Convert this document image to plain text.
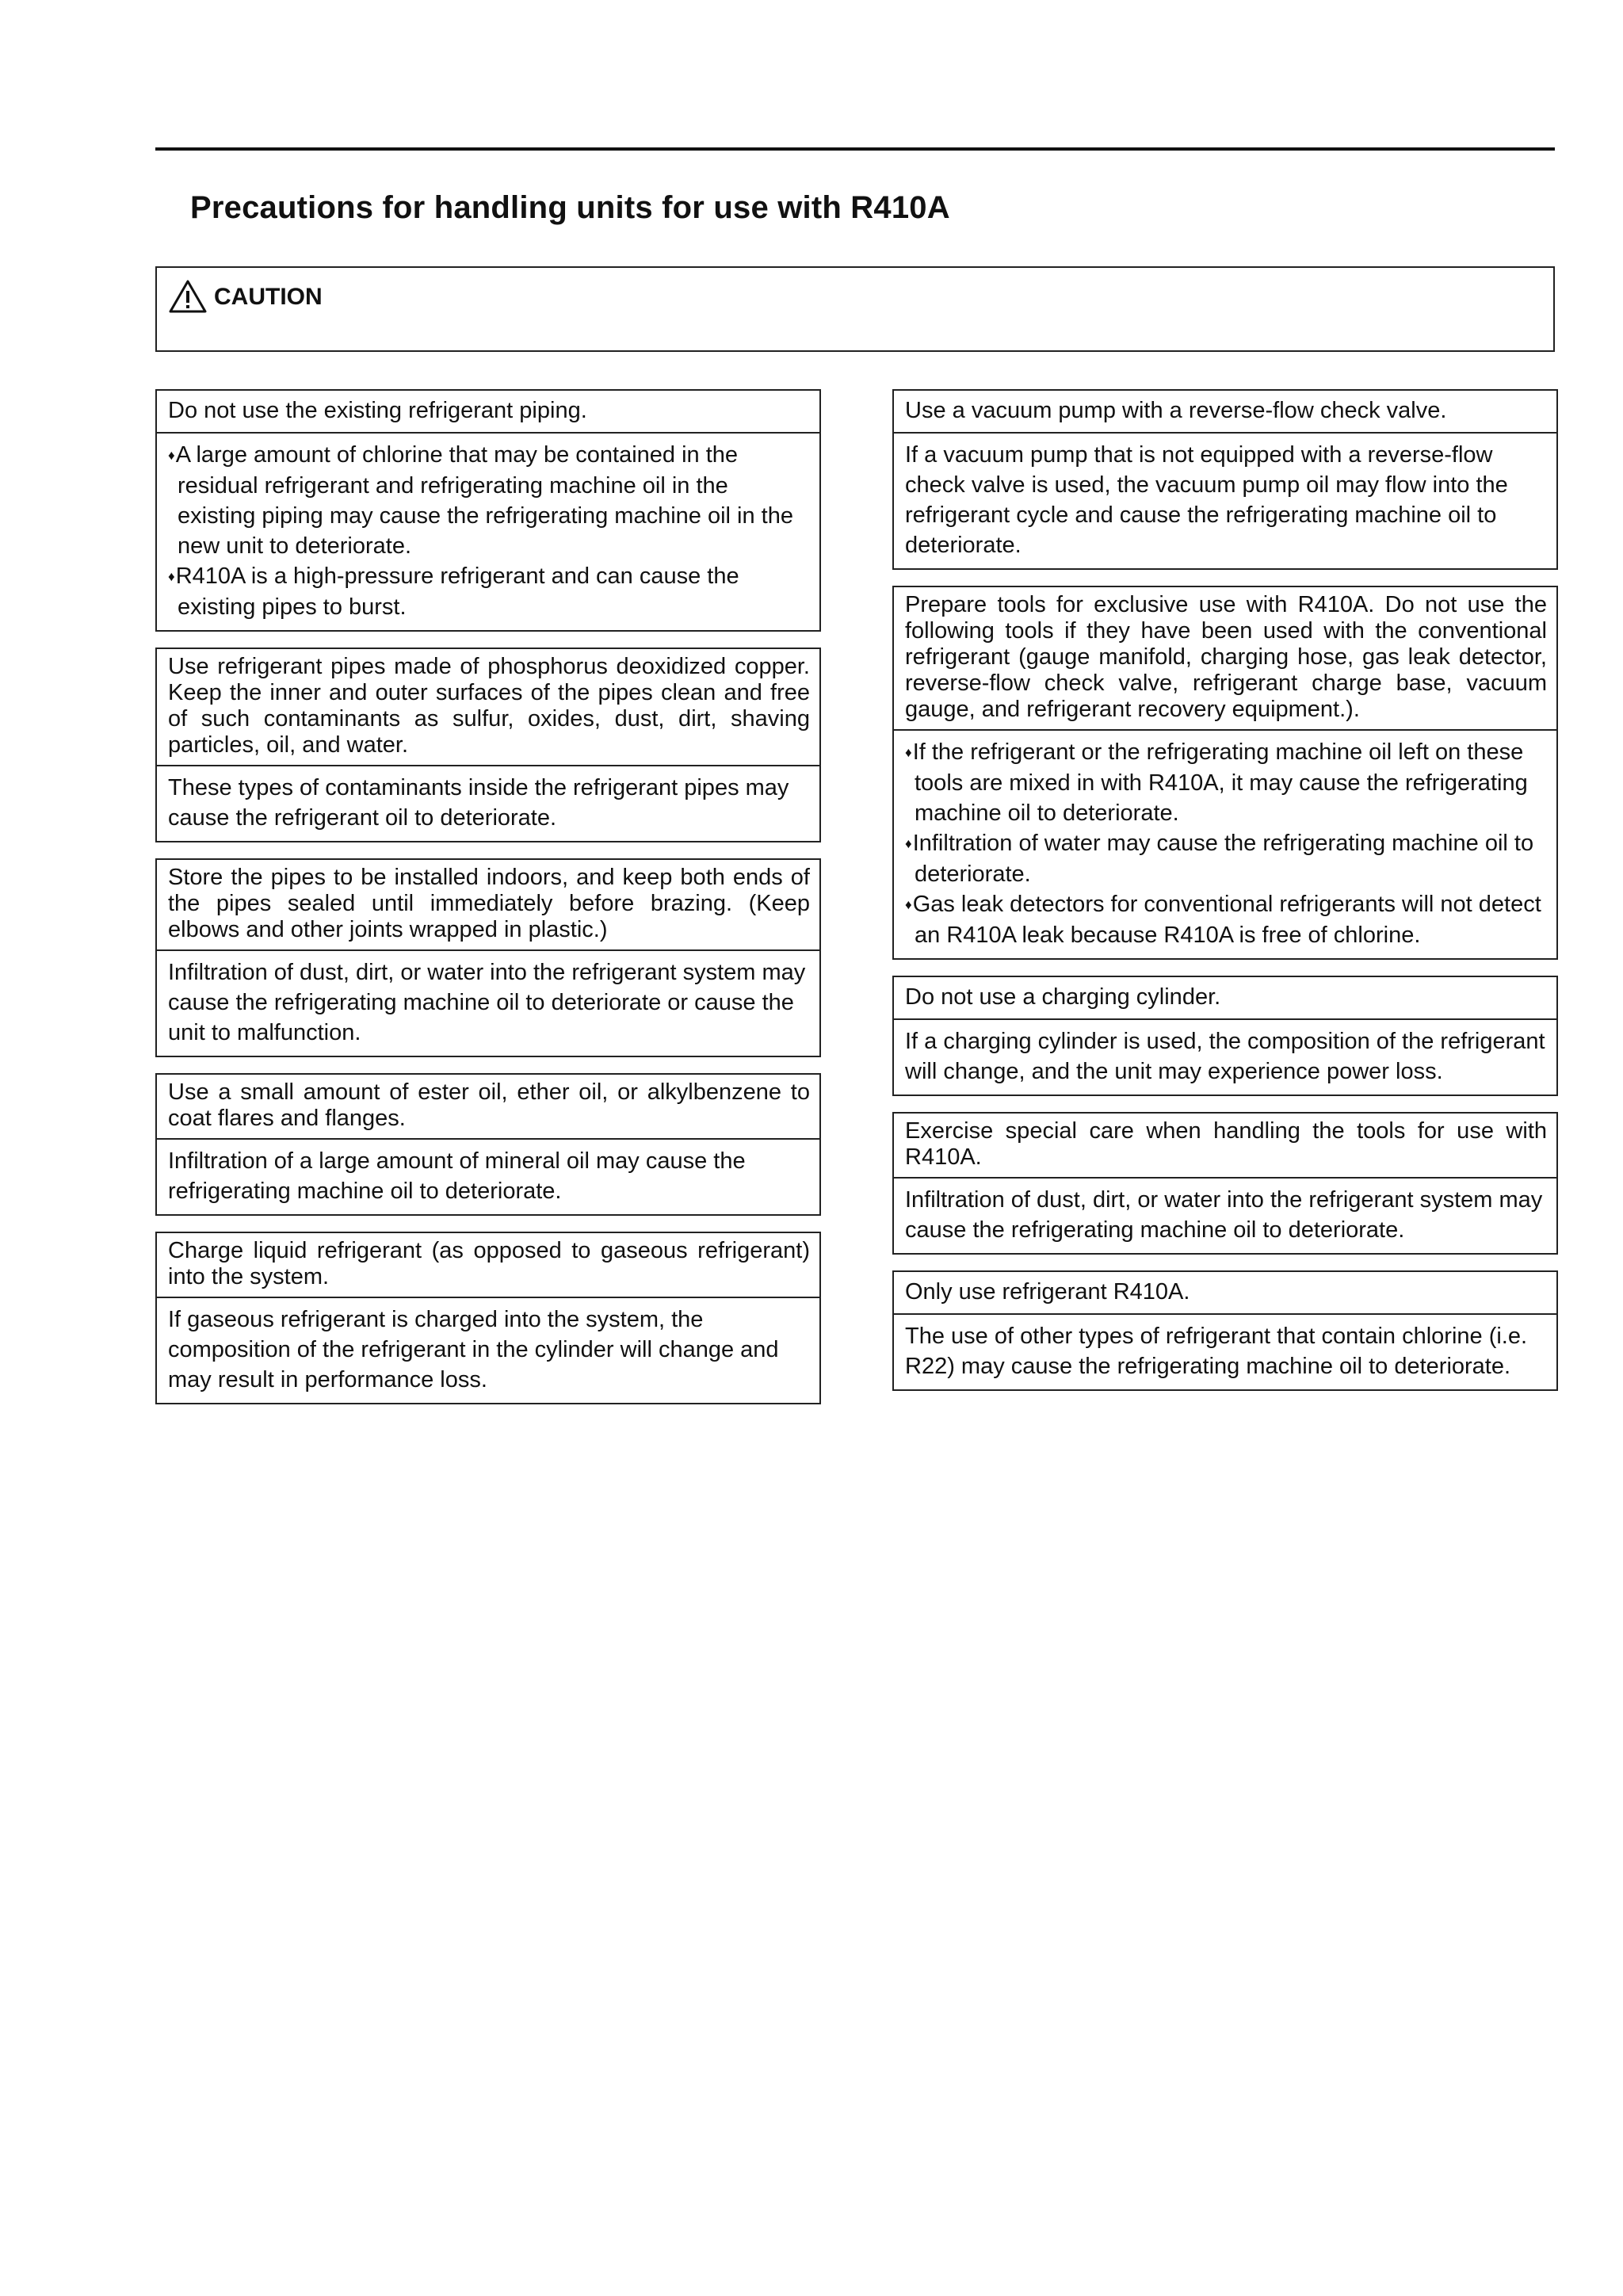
Precautions for handling units for use with R410A
CAUTION
Do not use the existing refrigerant piping.
♦ A large amount of chlorine that may be contained in the residual refrigerant and refrigerating machine oil in the existing piping may cause the refrigerating machine oil in the new unit to deteriorate.
♦ R410A is a high-pressure refrigerant and can cause the existing pipes to burst.
Use refrigerant pipes made of phosphorus deoxidized copper. Keep the inner and outer surfaces of the pipes clean and free of such contaminants as sulfur, oxides, dust, dirt, shaving particles, oil, and water.
These types of contaminants inside the refrigerant pipes may cause the refrigerant oil to deteriorate.
Store the pipes to be installed indoors, and keep both ends of the pipes sealed until immediately before brazing. (Keep elbows and other joints wrapped in plastic.)
Infiltration of dust, dirt, or water into the refrigerant system may cause the refrigerating machine oil to deteriorate or cause the unit to malfunction.
Use a small amount of ester oil, ether oil, or alkylbenzene to coat flares and flanges.
Infiltration of a large amount of mineral oil may cause the refrigerating machine oil to deteriorate.
Charge liquid refrigerant (as opposed to gaseous refrigerant) into the system.
If gaseous refrigerant is charged into the system, the composition of the refrigerant in the cylinder will change and may result in performance loss.
Use a vacuum pump with a reverse-flow check valve.
If a vacuum pump that is not equipped with a reverse-flow check valve is used, the vacuum pump oil may flow into the refrigerant cycle and cause the refrigerating machine oil to deteriorate.
Prepare tools for exclusive use with R410A. Do not use the following tools if they have been used with the conventional refrigerant (gauge manifold, charging hose, gas leak detector, reverse-flow check valve, refrigerant charge base, vacuum gauge, and refrigerant recovery equipment.).
♦ If the refrigerant or the refrigerating machine oil left on these tools are mixed in with R410A, it may cause the refrigerating machine oil to deteriorate.
♦ Infiltration of water may cause the refrigerating machine oil to deteriorate.
♦ Gas leak detectors for conventional refrigerants will not detect an R410A leak because R410A is free of chlorine.
Do not use a charging cylinder.
If a charging cylinder is used, the composition of the refrigerant will change, and the unit may experience power loss.
Exercise special care when handling the tools for use with R410A.
Infiltration of dust, dirt, or water into the refrigerant system may cause the refrigerating machine oil to deteriorate.
Only use refrigerant R410A.
The use of other types of refrigerant that contain chlorine (i.e. R22) may cause the refrigerating machine oil to deteriorate.
